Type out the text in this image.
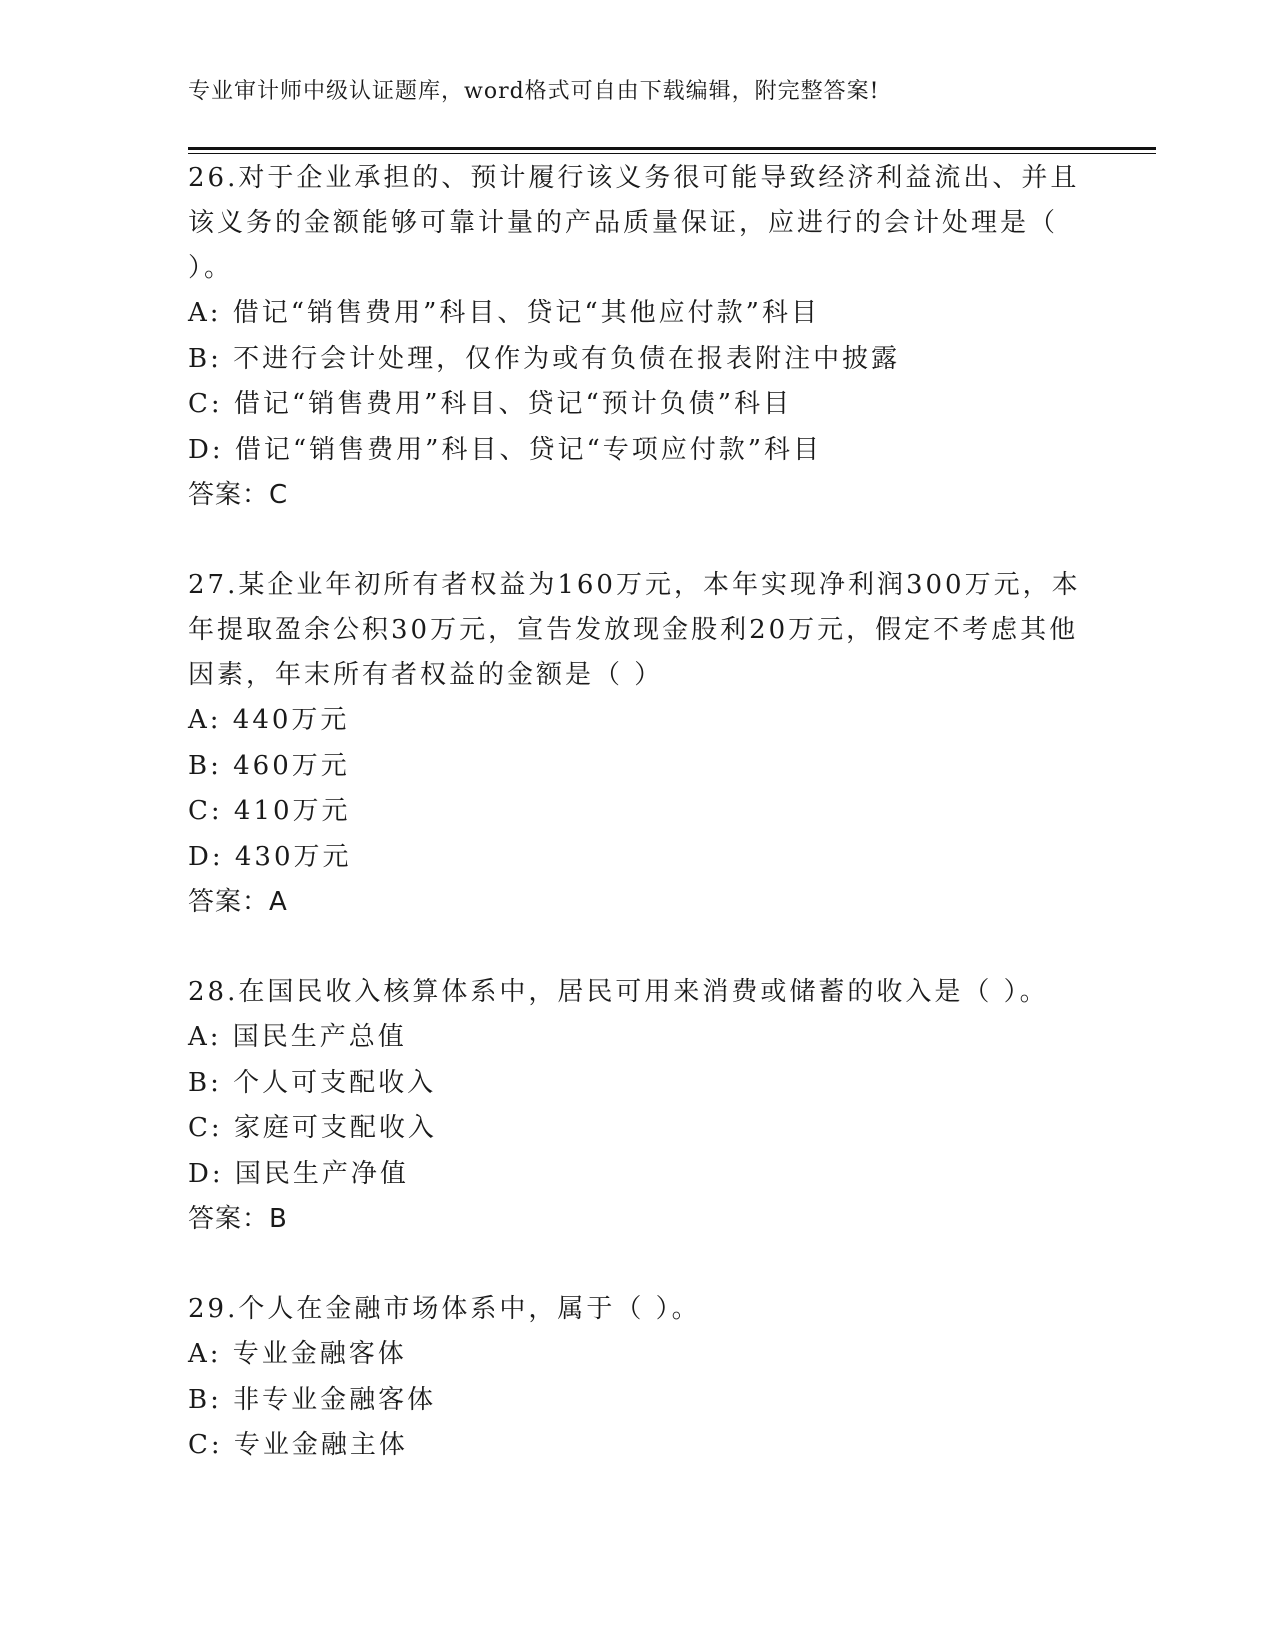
专业审计师中级认证题库，word格式可自由下载编辑，附完整答案!

26.对于企业承担的、预计履行该义务很可能导致经济利益流出、并且该义务的金额能够可靠计量的产品质量保证，应进行的会计处理是（ ）。

A: 借记“销售费用”科目、贷记“其他应付款”科目
B: 不进行会计处理，仅作为或有负债在报表附注中披露
C: 借记“销售费用”科目、贷记“预计负债”科目
D: 借记“销售费用”科目、贷记“专项应付款”科目
答案：C

27.某企业年初所有者权益为160万元，本年实现净利润300万元，本年提取盈余公积30万元，宣告发放现金股利20万元，假定不考虑其他因素，年末所有者权益的金额是（ ）

A: 440万元
B: 460万元
C: 410万元
D: 430万元
答案：A

28.在国民收入核算体系中，居民可用来消费或储蓄的收入是（ ）。

A: 国民生产总值
B: 个人可支配收入
C: 家庭可支配收入
D: 国民生产净值
答案：B

29.个人在金融市场体系中，属于（ ）。

A: 专业金融客体
B: 非专业金融客体
C: 专业金融主体
